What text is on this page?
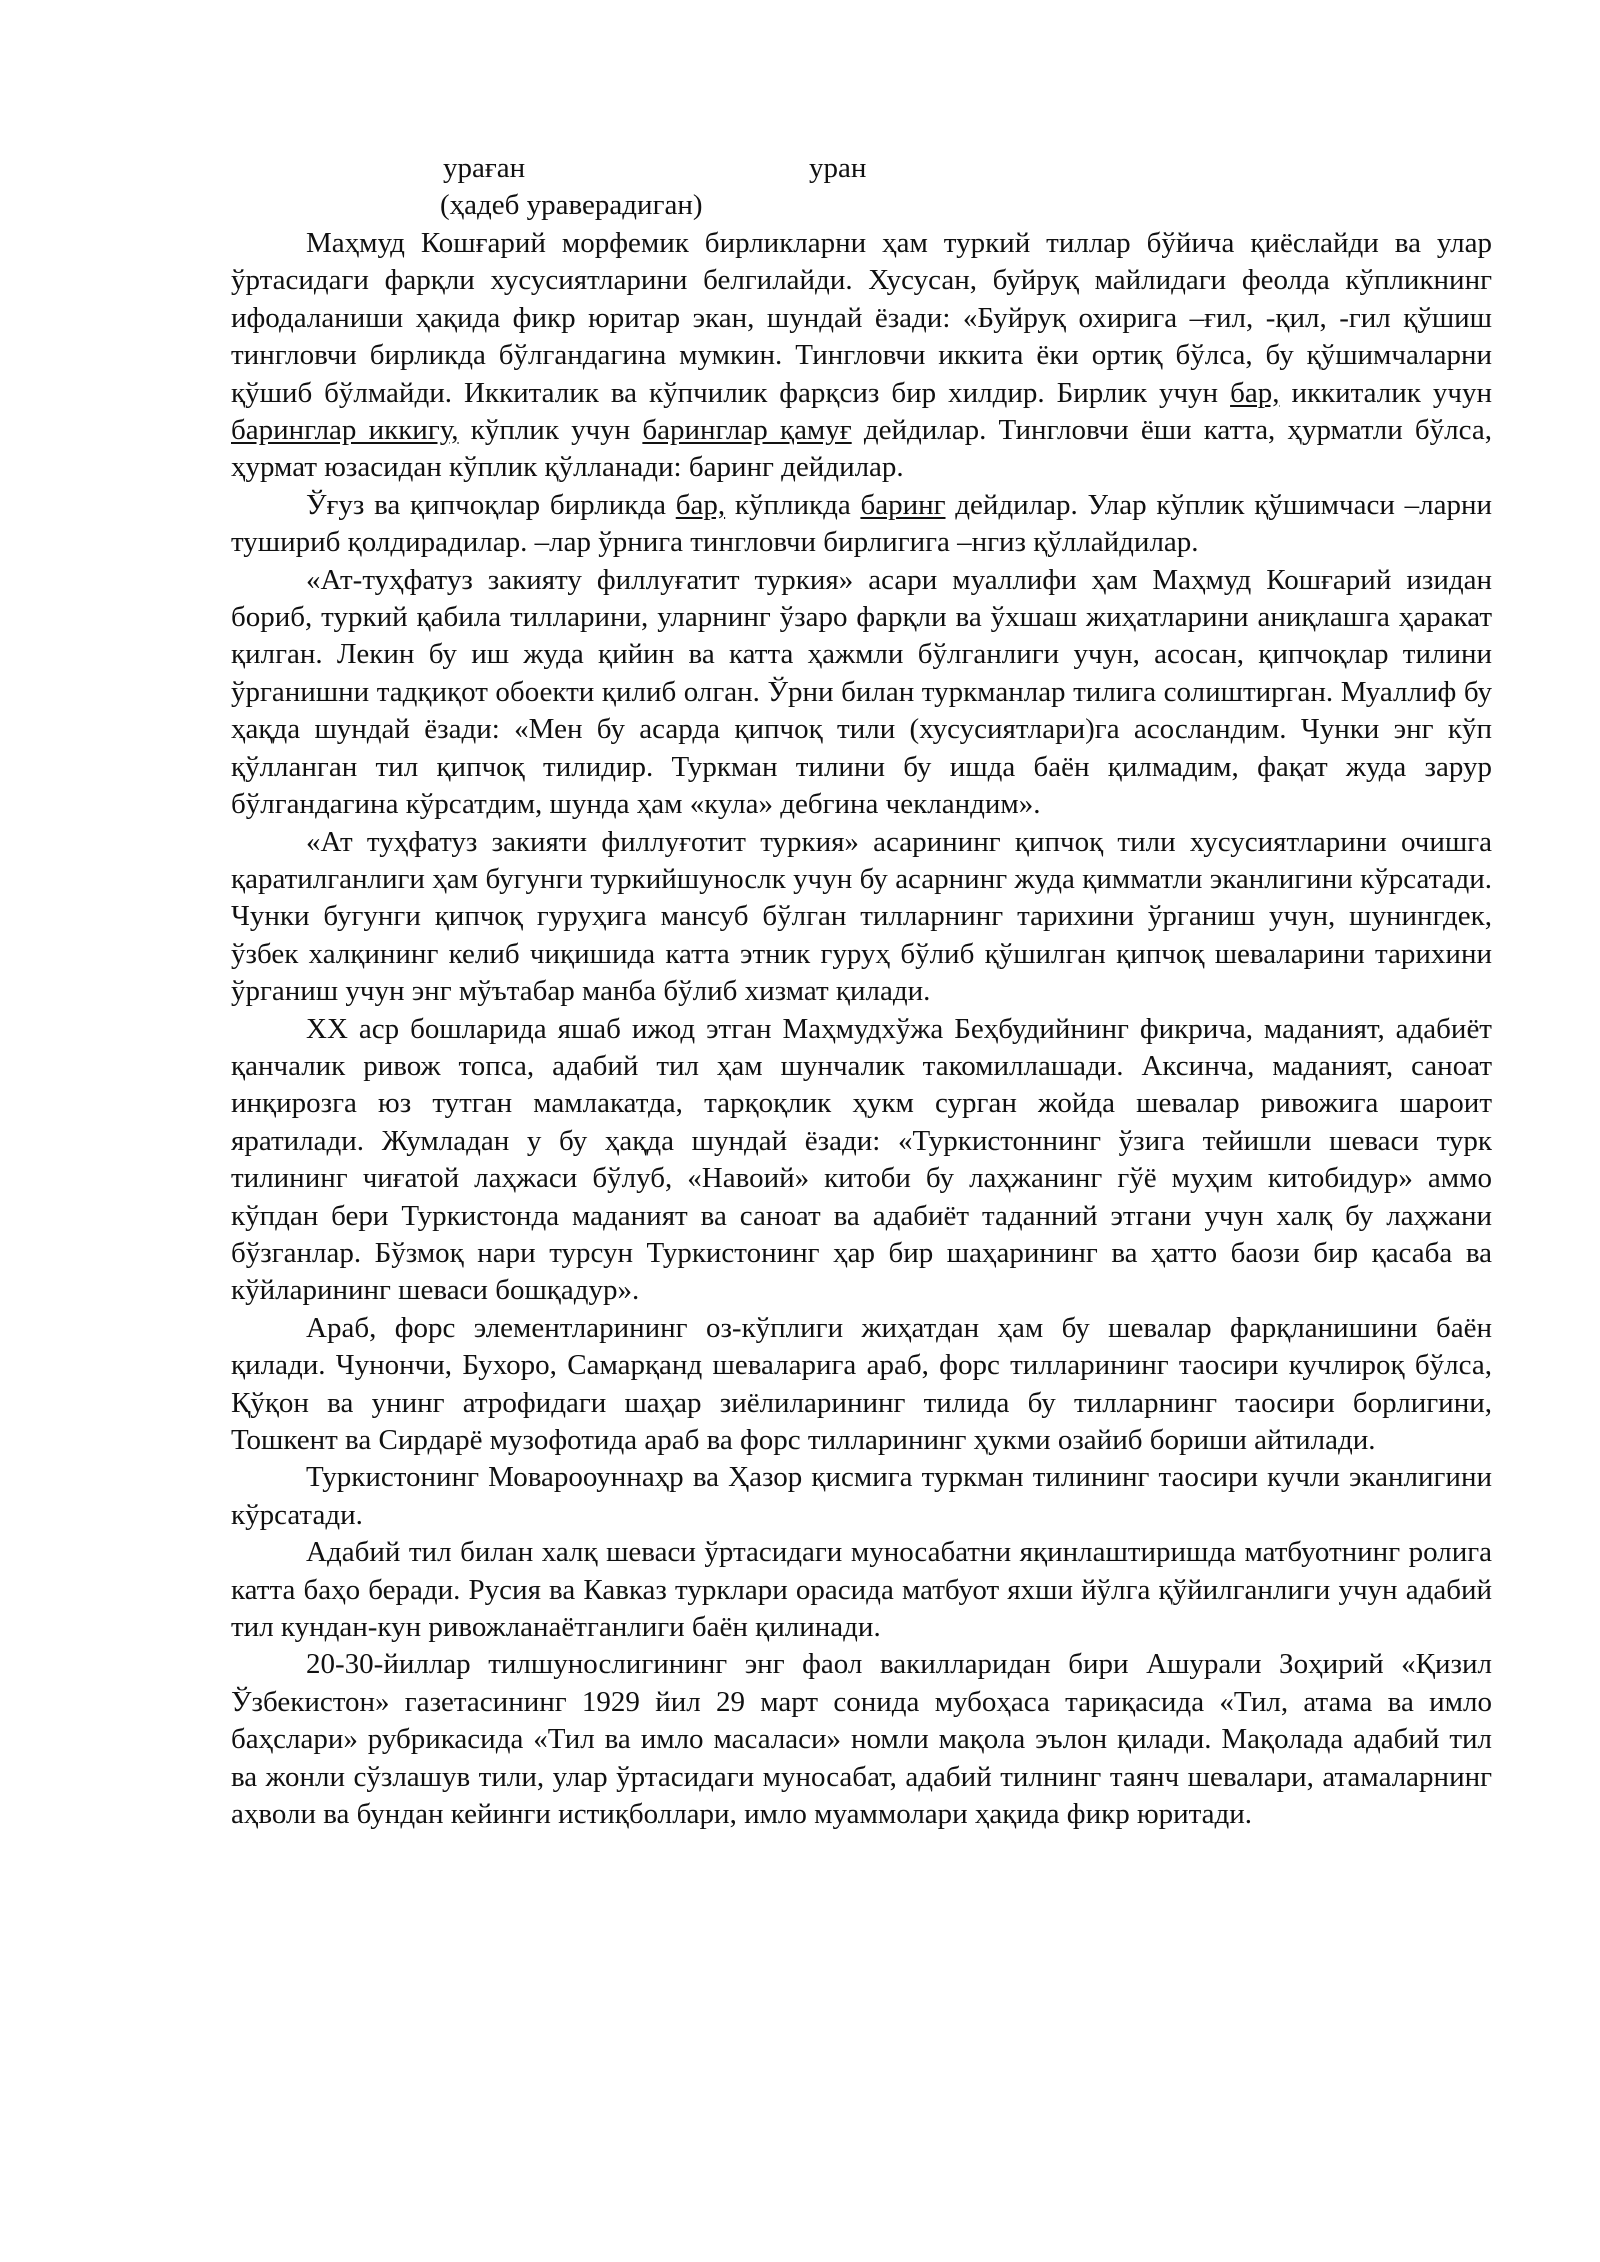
урағaн	уран
(ҳадеб ураверадиган)

Маҳмуд Кошғарий морфемик бирликларни ҳам туркий тиллар бўйича қиёслайди ва улар ўртасидаги фарқли хусусиятларини белгилайди. Хусусан, буйруқ майлидаги феолда кўпликнинг ифодаланиши ҳақида фикр юритар экан, шундай ёзади: «Буйруқ охирига –ғил, -қил, -гил қўшиш тингловчи бирликда бўлгандагина мумкин. Тингловчи иккита ёки ортиқ бўлса, бу қўшимчаларни қўшиб бўлмайди. Иккиталик ва кўпчилик фарқсиз бир хилдир. Бирлик учун бар, иккиталик учун баринглар иккигу, кўплик учун баринглар қамуғ дейдилар. Тингловчи ёши катта, ҳурматли бўлса, ҳурмат юзасидан кўплик қўлланади: баринг дейдилар.

Ўғуз ва қипчоқлар бирликда бар, кўпликда баринг дейдилар. Улар кўплик қўшимчаси –ларни тушириб қолдирадилар. –лар ўрнига тингловчи бирлигига –нгиз қўллайдилар.

«Ат-туҳфатуз закияту филлуғатит туркия» асари муаллифи ҳам Маҳмуд Кошғарий изидан бориб, туркий қабила тилларини, уларнинг ўзаро фарқли ва ўхшаш жиҳатларини аниқлашга ҳаракат қилган. Лекин бу иш жуда қийин ва катта ҳажмли бўлганлиги учун, асосан, қипчоқлар тилини ўрганишни тадқиқот обоекти қилиб олган. Ўрни билан туркманлар тилига солиштирган. Муаллиф бу ҳақда шундай ёзади: «Мен бу асарда қипчоқ тили (хусусиятлари)га асосландим. Чунки энг кўп қўлланган тил қипчоқ тилидир. Туркман тилини бу ишда баён қилмадим, фақат жуда зарур бўлгандагина кўрсатдим, шунда ҳам «кула» дебгина чекландим».

«Ат туҳфатуз закияти филлуғотит туркия» асарининг қипчоқ тили хусусиятларини очишга қаратилганлиги ҳам бугунги туркийшунослк учун бу асарнинг жуда қимматли эканлигини кўрсатади. Чунки бугунги қипчоқ гуруҳига мансуб бўлган тилларнинг тарихини ўрганиш учун, шунингдек, ўзбек халқининг келиб чиқишида катта этник гуруҳ бўлиб қўшилган қипчоқ шеваларини тарихини ўрганиш учун энг мўътабар манба бўлиб хизмат қилади.

XX аср бошларида яшаб ижод этган Маҳмудхўжа Беҳбудийнинг фикрича, маданият, адабиёт қанчалик ривож топса, адабий тил ҳам шунчалик такомиллашади. Аксинча, маданият, саноат инқирозга юз тутган мамлакатда, тарқоқлик ҳукм сурган жойда шевалар ривожига шароит яратилади. Жумладан у бу ҳақда шундай ёзади: «Туркистоннинг ўзига тейишли шеваси турк тилининг чиғатой лаҳжаси бўлуб, «Навоий» китоби бу лаҳжанинг гўё муҳим китобидур» аммо кўпдан бери Туркистонда маданият ва саноат ва адабиёт таданний этгани учун халқ бу лаҳжани бўзганлар. Бўзмоқ нари турсун Туркистонинг ҳар бир шаҳарининг ва ҳатто баози бир қасаба ва кўйларининг шеваси бошқадур».

Араб, форс элементларининг оз-кўплиги жиҳатдан ҳам бу шевалар фарқланишини баён қилади. Чунончи, Бухоро, Самарқанд шеваларига араб, форс тилларининг таосири кучлироқ бўлса, Қўқон ва унинг атрофидаги шаҳар зиёлиларининг тилида бу тилларнинг таосири борлигини, Тошкент ва Сирдарё музофотида араб ва форс тилларининг ҳукми озайиб бориши айтилади.

Туркистонинг Моварооуннаҳр ва Ҳазор қисмига туркман тилининг таосири кучли эканлигини кўрсатади.

Адабий тил билан халқ шеваси ўртасидаги муносабатни яқинлаштиришда матбуотнинг ролига катта баҳо беради. Русия ва Кавказ турклари орасида матбуот яхши йўлга қўйилганлиги учун адабий тил кундан-кун ривожланаётганлиги баён қилинади.

20-30-йиллар тилшунослигининг энг фаол вакилларидан бири Ашурали Зоҳирий «Қизил Ўзбекистон» газетасининг 1929 йил 29 март сонида мубоҳаса тариқасида «Тил, атама ва имло баҳслари» рубрикасида «Тил ва имло масаласи» номли мақола эълон қилади. Мақолада адабий тил ва жонли сўзлашув тили, улар ўртасидаги муносабат, адабий тилнинг таянч шевалари, атамаларнинг аҳволи ва бундан кейинги истиқболлари, имло муаммолари ҳақида фикр юритади.
